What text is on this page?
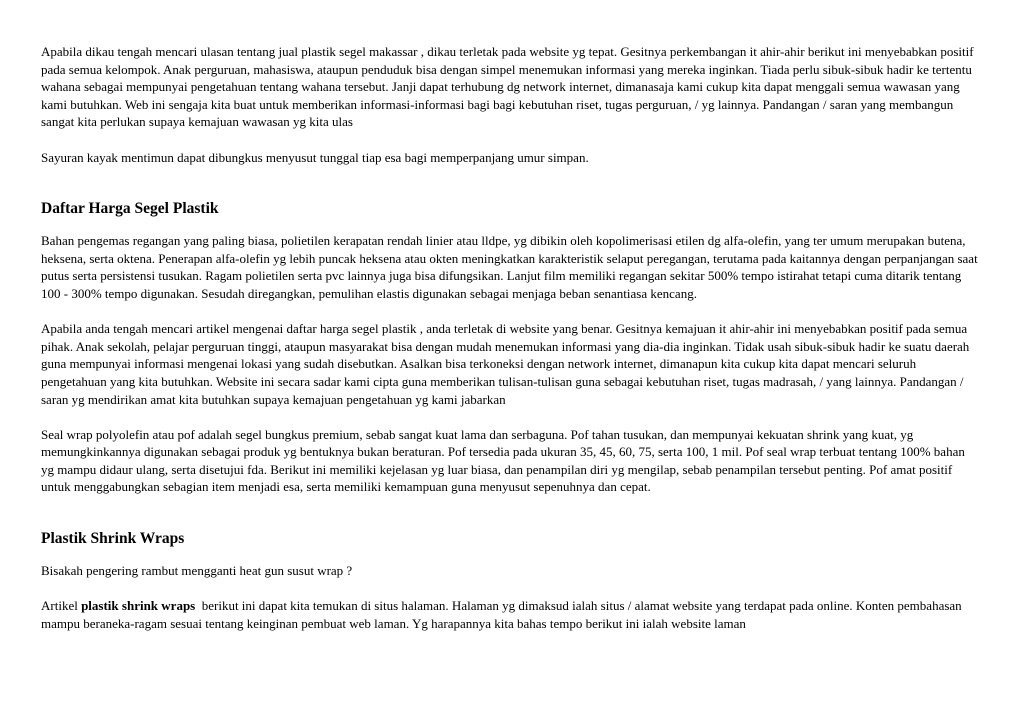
Apabila dikau tengah mencari ulasan tentang jual plastik segel makassar , dikau terletak pada website yg tepat. Gesitnya perkembangan it ahir-ahir berikut ini menyebabkan positif pada semua kelompok. Anak perguruan, mahasiswa, ataupun penduduk bisa dengan simpel menemukan informasi yang mereka inginkan. Tiada perlu sibuk-sibuk hadir ke tertentu wahana sebagai mempunyai pengetahuan tentang wahana tersebut. Janji dapat terhubung dg network internet, dimanasaja kami cukup kita dapat menggali semua wawasan yang kami butuhkan. Web ini sengaja kita buat untuk memberikan informasi-informasi bagi bagi kebutuhan riset, tugas perguruan, / yg lainnya. Pandangan / saran yang membangun sangat kita perlukan supaya kemajuan wawasan yg kita ulas

Sayuran kayak mentimun dapat dibungkus menyusut tunggal tiap esa bagi memperpanjang umur simpan.

Daftar Harga Segel Plastik

Bahan pengemas regangan yang paling biasa, polietilen kerapatan rendah linier atau lldpe, yg dibikin oleh kopolimerisasi etilen dg alfa-olefin, yang ter umum merupakan butena, heksena, serta oktena. Penerapan alfa-olefin yg lebih puncak heksena atau okten meningkatkan karakteristik selaput peregangan, terutama pada kaitannya dengan perpanjangan saat putus serta persistensi tusukan. Ragam polietilen serta pvc lainnya juga bisa difungsikan. Lanjut film memiliki regangan sekitar 500% tempo istirahat tetapi cuma ditarik tentang 100 - 300% tempo digunakan. Sesudah diregangkan, pemulihan elastis digunakan sebagai menjaga beban senantiasa kencang.

Apabila anda tengah mencari artikel mengenai daftar harga segel plastik , anda terletak di website yang benar. Gesitnya kemajuan it ahir-ahir ini menyebabkan positif pada semua pihak. Anak sekolah, pelajar perguruan tinggi, ataupun masyarakat bisa dengan mudah menemukan informasi yang dia-dia inginkan. Tidak usah sibuk-sibuk hadir ke suatu daerah guna mempunyai informasi mengenai lokasi yang sudah disebutkan. Asalkan bisa terkoneksi dengan network internet, dimanapun kita cukup kita dapat mencari seluruh pengetahuan yang kita butuhkan. Website ini secara sadar kami cipta guna memberikan tulisan-tulisan guna sebagai kebutuhan riset, tugas madrasah, / yang lainnya. Pandangan / saran yg mendirikan amat kita butuhkan supaya kemajuan pengetahuan yg kami jabarkan

Seal wrap polyolefin atau pof adalah segel bungkus premium, sebab sangat kuat lama dan serbaguna. Pof tahan tusukan, dan mempunyai kekuatan shrink yang kuat, yg memungkinkannya digunakan sebagai produk yg bentuknya bukan beraturan. Pof tersedia pada ukuran 35, 45, 60, 75, serta 100, 1 mil. Pof seal wrap terbuat tentang 100% bahan yg mampu didaur ulang, serta disetujui fda. Berikut ini memiliki kejelasan yg luar biasa, dan penampilan diri yg mengilap, sebab penampilan tersebut penting. Pof amat positif untuk menggabungkan sebagian item menjadi esa, serta memiliki kemampuan guna menyusut sepenuhnya dan cepat.

Plastik Shrink Wraps

Bisakah pengering rambut mengganti heat gun susut wrap ?

Artikel plastik shrink wraps  berikut ini dapat kita temukan di situs halaman. Halaman yg dimaksud ialah situs / alamat website yang terdapat pada online. Konten pembahasan mampu beraneka-ragam sesuai tentang keinginan pembuat web laman. Yg harapannya kita bahas tempo berikut ini ialah website laman
